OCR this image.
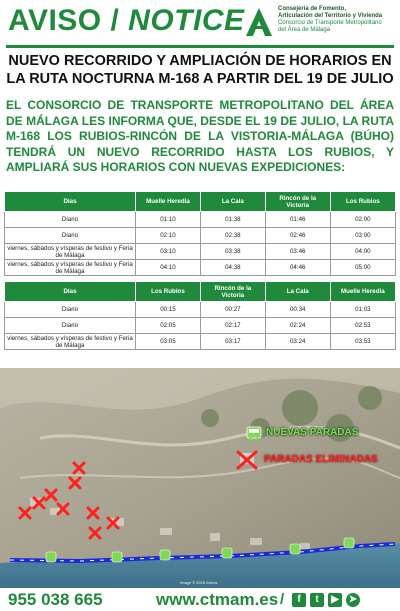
AVISO / NOTICE	Consejería de Fomento,
Articulación del Territorio y Vivienda
Consorcio de Transporte Metropolitano
del Área de Málaga
NUEVO RECORRIDO Y AMPLIACIÓN DE HORARIOS EN
LA RUTA NOCTURNA M-168 A PARTIR DEL 19 DE JULIO
EL CONSORCIO DE TRANSPORTE METROPOLITANO DEL ÁREA DE MÁLAGA LES INFORMA QUE, DESDE EL 19 DE JULIO, LA RUTA M-168 LOS RUBIOS-RINCÓN DE LA VISTORIA-MÁLAGA (BÚHO) TENDRÁ UN NUEVO RECORRIDO HASTA LOS RUBIOS, Y AMPLIARÁ SUS HORARIOS CON NUEVAS EXPEDICIONES:
Días	Muelle Heredia	La Cala	Rincón de la Victoria	Los Rubios
Diario	01:10	01:38	01:46	02:00
Diario	02:10	02:38	02:46	03:00
viernes, sábados y vísperas de festivo y Feria de Málaga	03:10	03:38	03:46	04:00
viernes, sábados y vísperas de festivo y Feria de Málaga	04:10	04:38	04:46	05:00
Días	Los Rubios	Rincón de la Victoria	La Cala	Muelle Heredia
Diario	00:15	00:27	00:34	01:03
Diario	02:05	02:17	02:24	02:53
viernes, sábados y vísperas de festivo y Feria de Málaga	03:05	03:17	03:24	03:53
NUEVAS PARADAS
PARADAS ELIMINADAS
Image © 2016 Airbus
955 038 665	www.ctmam.es /	f	t	▶ ➤
